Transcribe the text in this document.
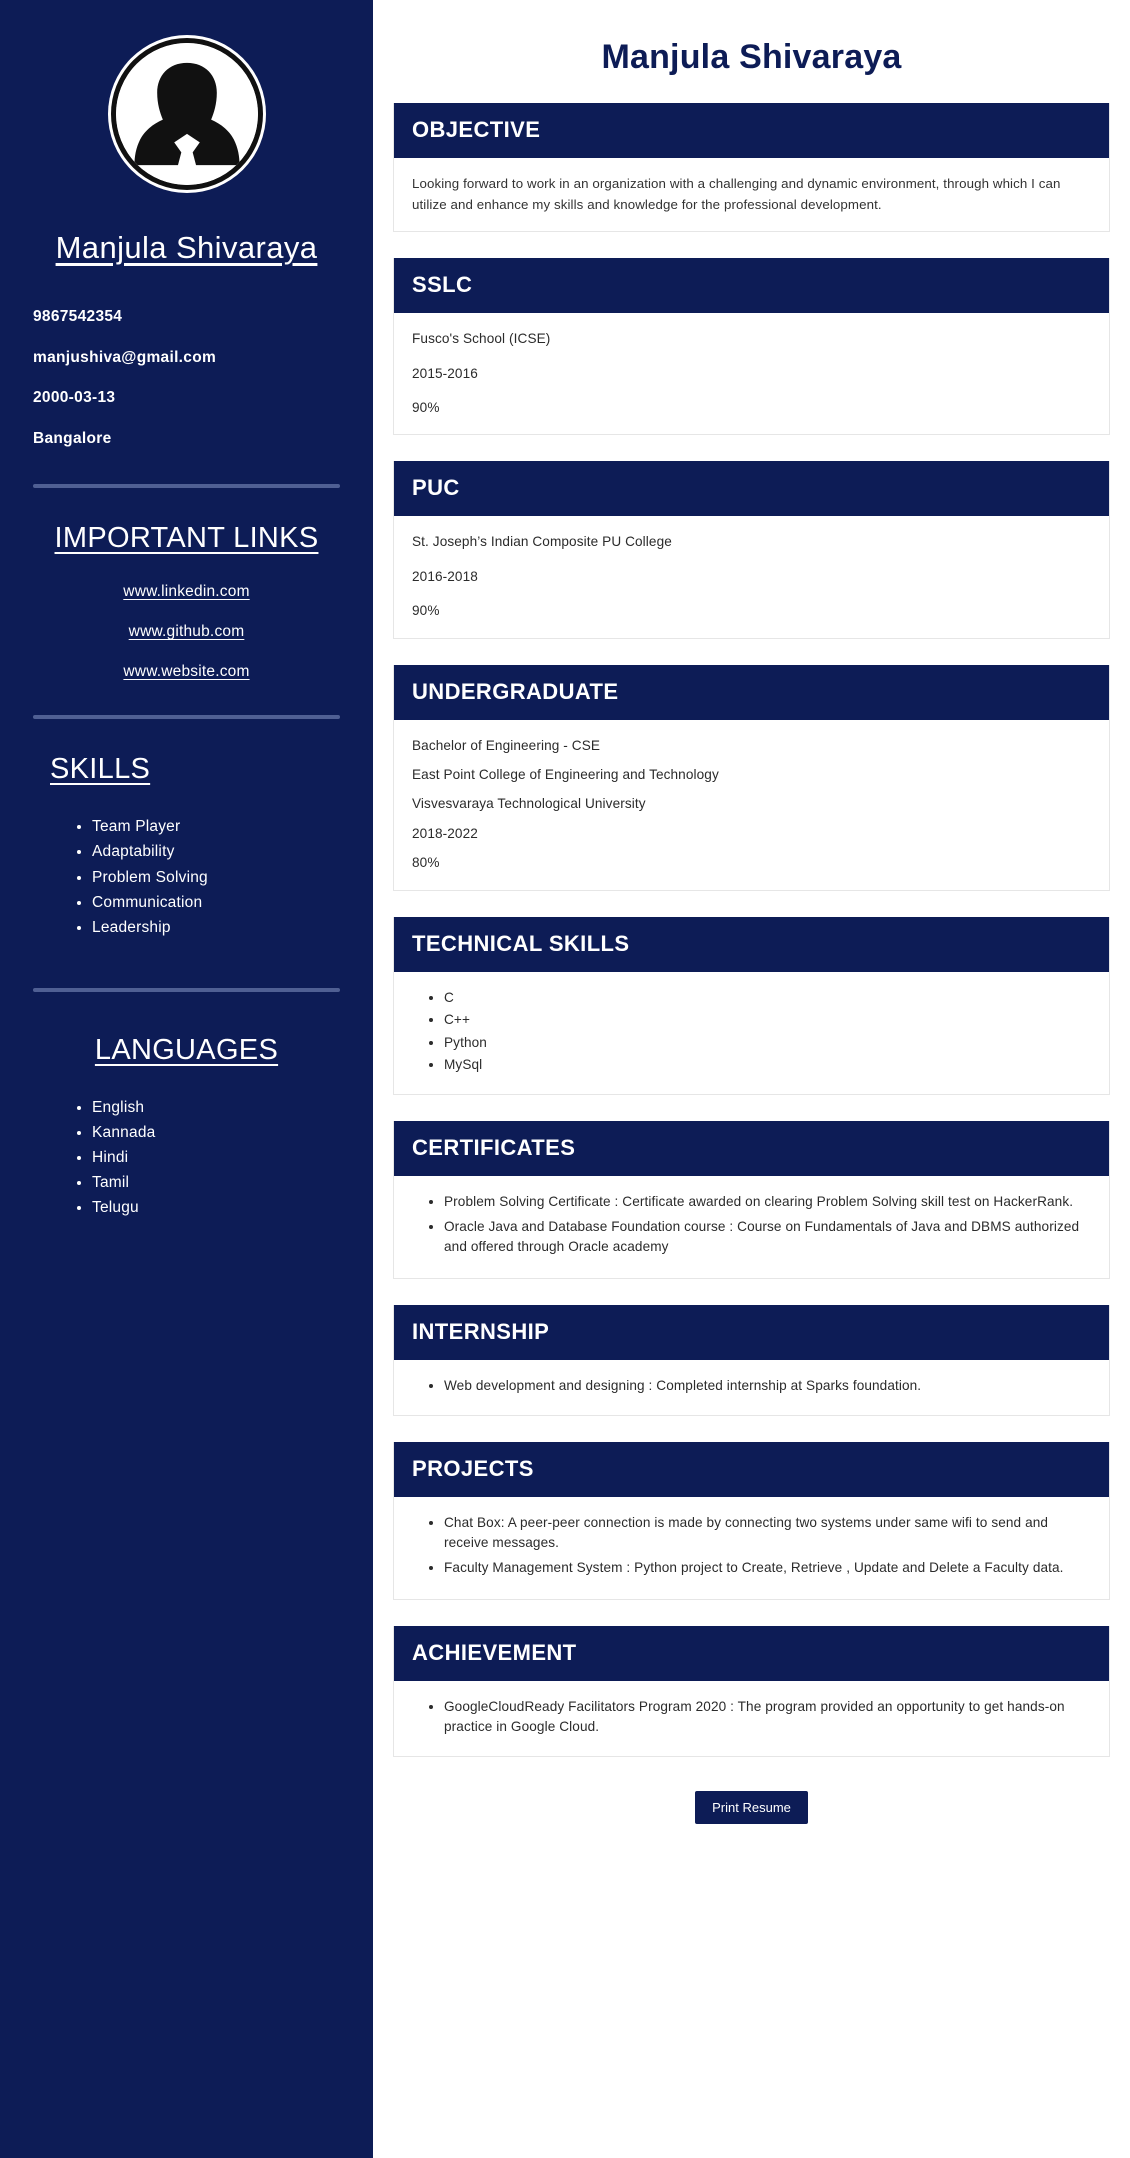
Manjula Shivaraya
9867542354
manjushiva@gmail.com
2000-03-13
Bangalore
IMPORTANT LINKS
www.linkedin.com
www.github.com
www.website.com
SKILLS
• Team Player
• Adaptability
• Problem Solving
• Communication
• Leadership
LANGUAGES
• English
• Kannada
• Hindi
• Tamil
• Telugu
Manjula Shivaraya
OBJECTIVE

Looking forward to work in an organization with a challenging and dynamic environment, through which I can utilize and enhance my skills and knowledge for the professional development.

SSLC

Fusco's School (ICSE)

2015-2016

90%

PUC

St. Joseph’s Indian Composite PU College

2016-2018

90%

UNDERGRADUATE

Bachelor of Engineering - CSE

East Point College of Engineering and Technology

Visvesvaraya Technological University

2018-2022

80%

TECHNICAL SKILLS
• C
• C++
• Python
• MySql
CERTIFICATES
• Problem Solving Certificate : Certificate awarded on clearing Problem Solving skill test on HackerRank.
• Oracle Java and Database Foundation course : Course on Fundamentals of Java and DBMS authorized and offered through Oracle academy
INTERNSHIP
• Web development and designing : Completed internship at Sparks foundation.
PROJECTS
• Chat Box: A peer-peer connection is made by connecting two systems under same wifi to send and receive messages.
• Faculty Management System : Python project to Create, Retrieve , Update and Delete a Faculty data.
ACHIEVEMENT
• GoogleCloudReady Facilitators Program 2020 : The program provided an opportunity to get hands-on practice in Google Cloud.
Print Resume
